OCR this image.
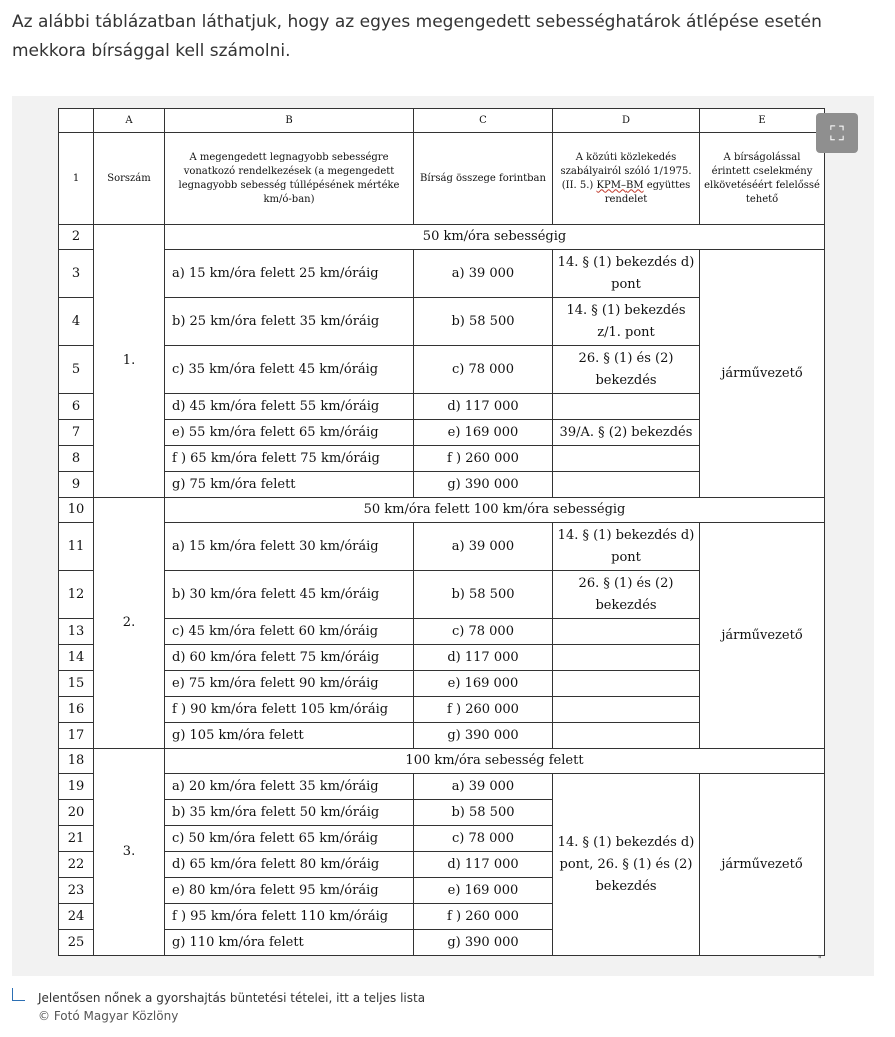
Az alábbi táblázatban láthatjuk, hogy az egyes megengedett sebességhatárok átlépése esetén mekkora bírsággal kell számolni.
	A	B	C	D	E
1	Sorszám	A megengedett legnagyobb sebességre vonatkozó rendelkezések (a megengedett legnagyobb sebesség túllépésének mértéke km/ó-ban)	Bírság összege forintban	A közúti közlekedés szabályairól szóló 1/1975. (II. 5.) KPM–BM együttes rendelet	A bírságolással érintett cselekmény elkövetéséért felelőssé tehető
2	1.	50 km/óra sebességig			
3		a) 15 km/óra felett 25 km/óráig	a) 39 000	14. § (1) bekezdés d) pont	járművezető
4		b) 25 km/óra felett 35 km/óráig	b) 58 500	14. § (1) bekezdés z/1. pont	
5		c) 35 km/óra felett 45 km/óráig	c) 78 000	26. § (1) és (2) bekezdés	
6		d) 45 km/óra felett 55 km/óráig	d) 117 000		
7		e) 55 km/óra felett 65 km/óráig	e) 169 000	39/A. § (2) bekezdés	
8		f ) 65 km/óra felett 75 km/óráig	f ) 260 000		
9		g) 75 km/óra felett	g) 390 000		
10	2.	50 km/óra felett 100 km/óra sebességig			
11		a) 15 km/óra felett 30 km/óráig	a) 39 000	14. § (1) bekezdés d) pont	járművezető
12		b) 30 km/óra felett 45 km/óráig	b) 58 500	26. § (1) és (2) bekezdés	
13		c) 45 km/óra felett 60 km/óráig	c) 78 000		
14		d) 60 km/óra felett 75 km/óráig	d) 117 000		
15		e) 75 km/óra felett 90 km/óráig	e) 169 000		
16		f ) 90 km/óra felett 105 km/óráig	f ) 260 000		
17		g) 105 km/óra felett	g) 390 000		
18	3.	100 km/óra sebesség felett			
19		a) 20 km/óra felett 35 km/óráig	a) 39 000	14. § (1) bekezdés d) pont, 26. § (1) és (2) bekezdés	járművezető
20		b) 35 km/óra felett 50 km/óráig	b) 58 500		
21		c) 50 km/óra felett 65 km/óráig	c) 78 000		
22		d) 65 km/óra felett 80 km/óráig	d) 117 000		
23		e) 80 km/óra felett 95 km/óráig	e) 169 000		
24		f ) 95 km/óra felett 110 km/óráig	f ) 260 000		
25		g) 110 km/óra felett	g) 390 000		
⛶
"
Jelentősen nőnek a gyorshajtás büntetési tételei, itt a teljes lista
© Fotó Magyar Közlöny
